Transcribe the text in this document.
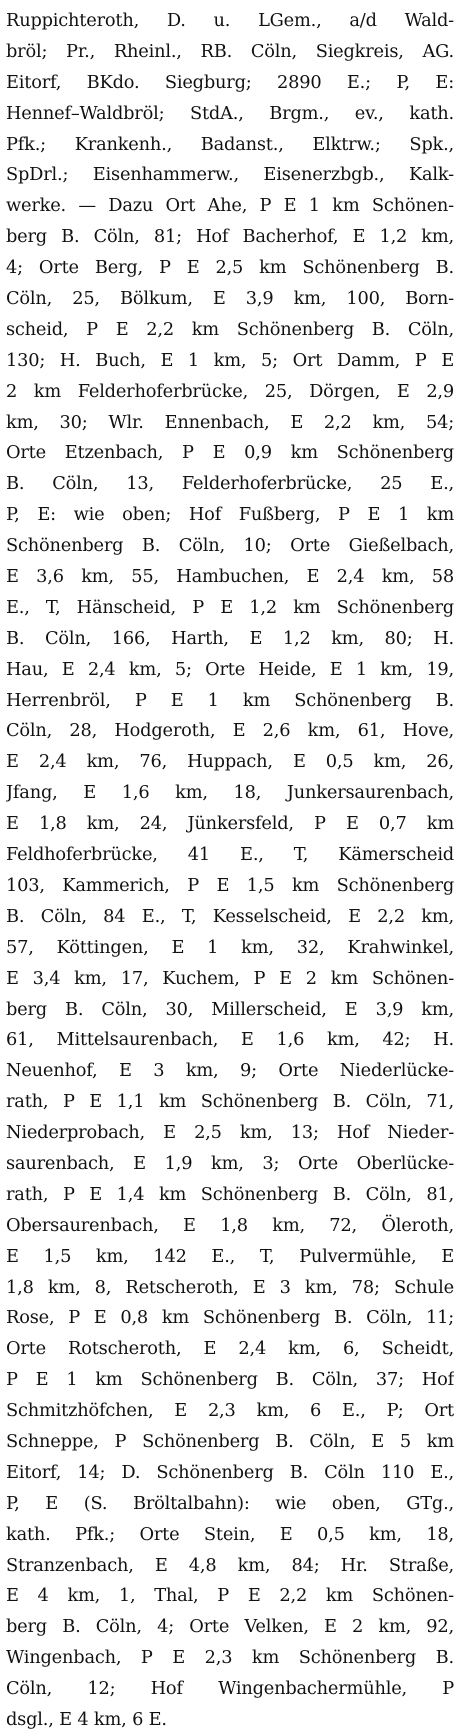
Ruppichteroth, D. u. LGem., a/d Wald-
bröl; Pr., Rheinl., RB. Cöln, Siegkreis, AG.
Eitorf, BKdo. Siegburg; 2890 E.; P, E:
Hennef–Waldbröl; StdA., Brgm., ev., kath.
Pfk.; Krankenh., Badanst., Elktrw.; Spk.,
SpDrl.; Eisenhammerw., Eisenerzbgb., Kalk-
werke. — Dazu Ort Ahe, P E 1 km Schönen-
berg B. Cöln, 81; Hof Bacherhof, E 1,2 km,
4; Orte Berg, P E 2,5 km Schönenberg B.
Cöln, 25, Bölkum, E 3,9 km, 100, Born-
scheid, P E 2,2 km Schönenberg B. Cöln,
130; H. Buch, E 1 km, 5; Ort Damm, P E
2 km Felderhoferbrücke, 25, Dörgen, E 2,9
km, 30; Wlr. Ennenbach, E 2,2 km, 54;
Orte Etzenbach, P E 0,9 km Schönenberg
B. Cöln, 13, Felderhoferbrücke, 25 E.,
P, E: wie oben; Hof Fußberg, P E 1 km
Schönenberg B. Cöln, 10; Orte Gießelbach,
E 3,6 km, 55, Hambuchen, E 2,4 km, 58
E., T, Hänscheid, P E 1,2 km Schönenberg
B. Cöln, 166, Harth, E 1,2 km, 80; H.
Hau, E 2,4 km, 5; Orte Heide, E 1 km, 19,
Herrenbröl, P E 1 km Schönenberg B.
Cöln, 28, Hodgeroth, E 2,6 km, 61, Hove,
E 2,4 km, 76, Huppach, E 0,5 km, 26,
Jfang, E 1,6 km, 18, Junkersaurenbach,
E 1,8 km, 24, Jünkersfeld, P E 0,7 km
Feldhoferbrücke, 41 E., T, Kämerscheid
103, Kammerich, P E 1,5 km Schönenberg
B. Cöln, 84 E., T, Kesselscheid, E 2,2 km,
57, Köttingen, E 1 km, 32, Krahwinkel,
E 3,4 km, 17, Kuchem, P E 2 km Schönen-
berg B. Cöln, 30, Millerscheid, E 3,9 km,
61, Mittelsaurenbach, E 1,6 km, 42; H.
Neuenhof, E 3 km, 9; Orte Niederlücke-
rath, P E 1,1 km Schönenberg B. Cöln, 71,
Niederprobach, E 2,5 km, 13; Hof Nieder-
saurenbach, E 1,9 km, 3; Orte Oberlücke-
rath, P E 1,4 km Schönenberg B. Cöln, 81,
Obersaurenbach, E 1,8 km, 72, Öleroth,
E 1,5 km, 142 E., T, Pulvermühle, E
1,8 km, 8, Retscheroth, E 3 km, 78; Schule
Rose, P E 0,8 km Schönenberg B. Cöln, 11;
Orte Rotscheroth, E 2,4 km, 6, Scheidt,
P E 1 km Schönenberg B. Cöln, 37; Hof
Schmitzhöfchen, E 2,3 km, 6 E., P; Ort
Schneppe, P Schönenberg B. Cöln, E 5 km
Eitorf, 14; D. Schönenberg B. Cöln 110 E.,
P, E (S. Bröltalbahn): wie oben, GTg.,
kath. Pfk.; Orte Stein, E 0,5 km, 18,
Stranzenbach, E 4,8 km, 84; Hr. Straße,
E 4 km, 1, Thal, P E 2,2 km Schönen-
berg B. Cöln, 4; Orte Velken, E 2 km, 92,
Wingenbach, P E 2,3 km Schönenberg B.
Cöln, 12; Hof Wingenbachermühle, P
dsgl., E 4 km, 6 E.
